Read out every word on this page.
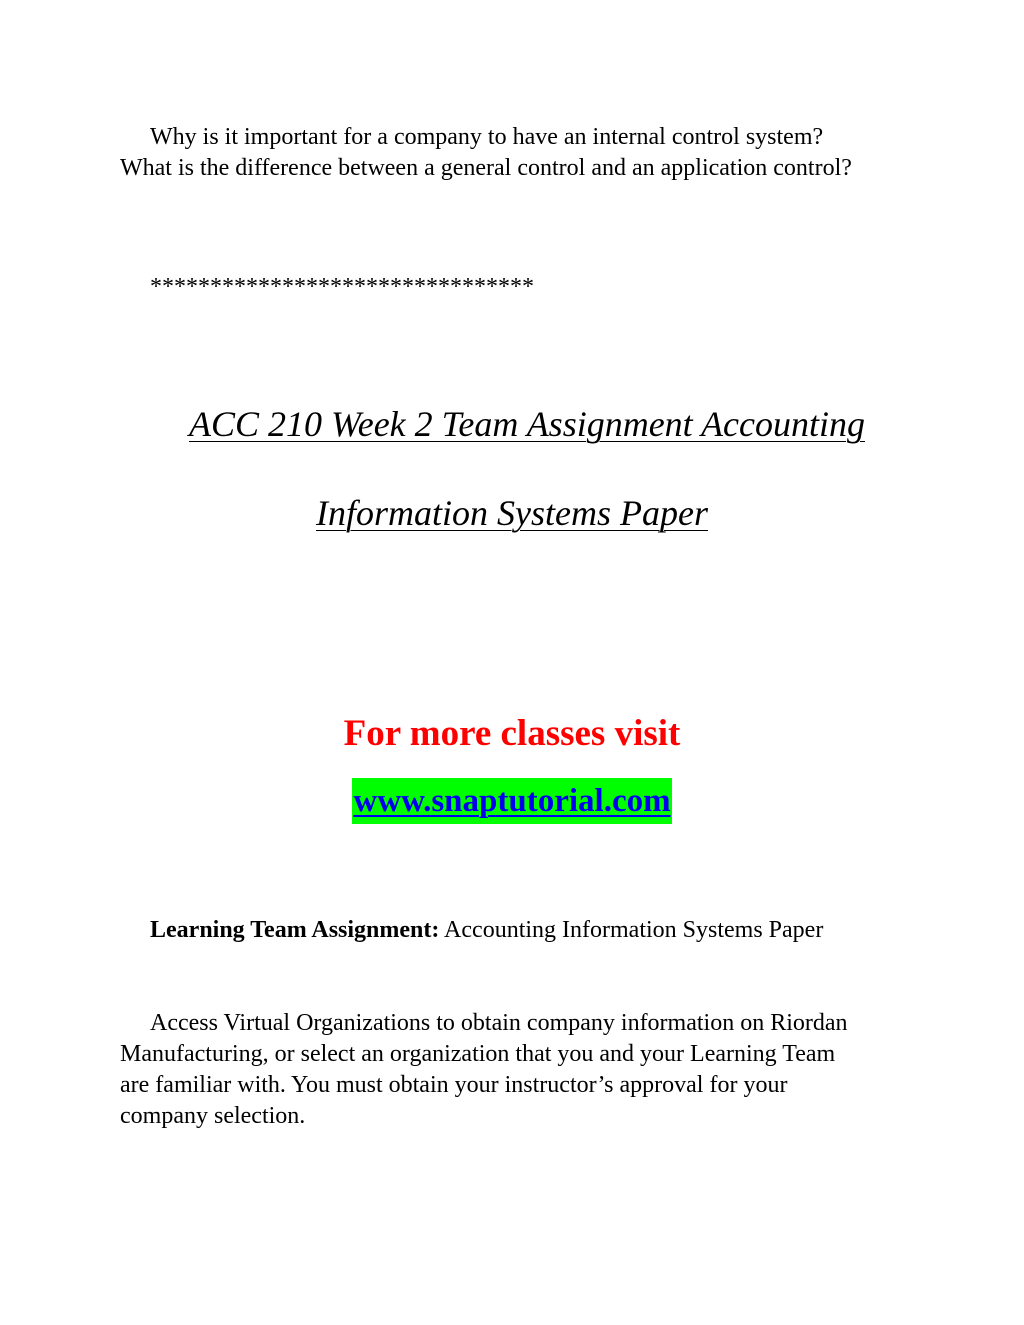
Why is it important for a company to have an internal control system?
What is the difference between a general control and an application control?

********************************

ACC 210 Week 2 Team Assignment Accounting

Information Systems Paper

For more classes visit

www.snaptutorial.com

Learning Team Assignment: Accounting Information Systems Paper

Access Virtual Organizations to obtain company information on Riordan Manufacturing, or select an organization that you and your Learning Team are familiar with. You must obtain your instructor’s approval for your company selection.
